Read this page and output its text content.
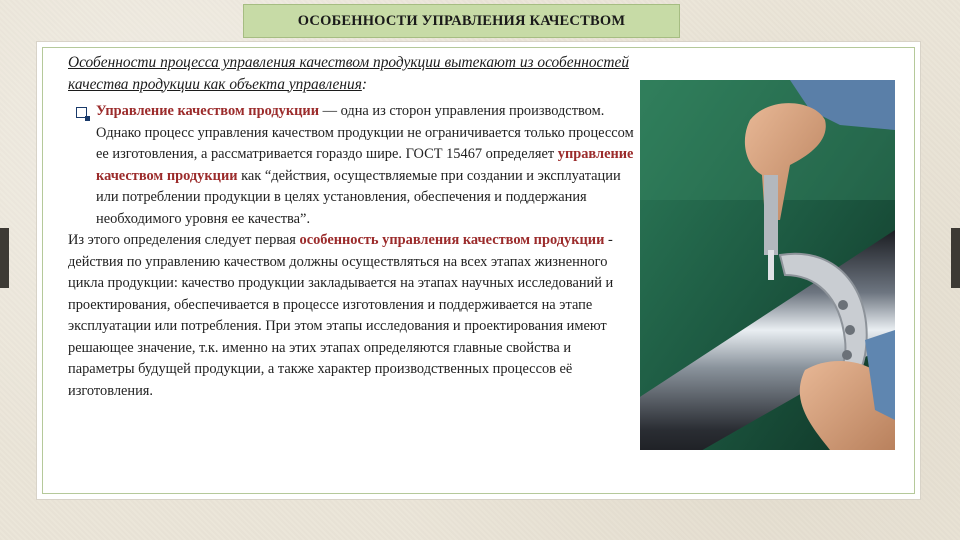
ОСОБЕННОСТИ УПРАВЛЕНИЯ КАЧЕСТВОМ

Особенности процесса управления качеством продукции вытекают из особенностей качества продукции как объекта управления:

Управление качеством продукции — одна из сторон управления производством. Однако процесс управления качеством продукции не ограничивается только процессом ее изготовления, а рассматривается гораздо шире. ГОСТ 15467 определяет управление качеством продукции как “действия, осуществляемые при создании и эксплуатации или потреблении продукции в целях установления, обеспечения и поддержания необходимого уровня ее качества”.

Из этого определения следует первая особенность управления качеством продукции - действия по управлению качеством должны осуществляться на всех этапах жизненного цикла продукции: качество продукции закладывается на этапах научных исследований и проектирования, обеспечивается в процессе изготовления и поддерживается на этапе эксплуатации или потребления. При этом этапы исследования и проектирования имеют решающее значение, т.к. именно на этих этапах определяются главные свойства и параметры будущей продукции, а также характер производственных процессов её изготовления.
